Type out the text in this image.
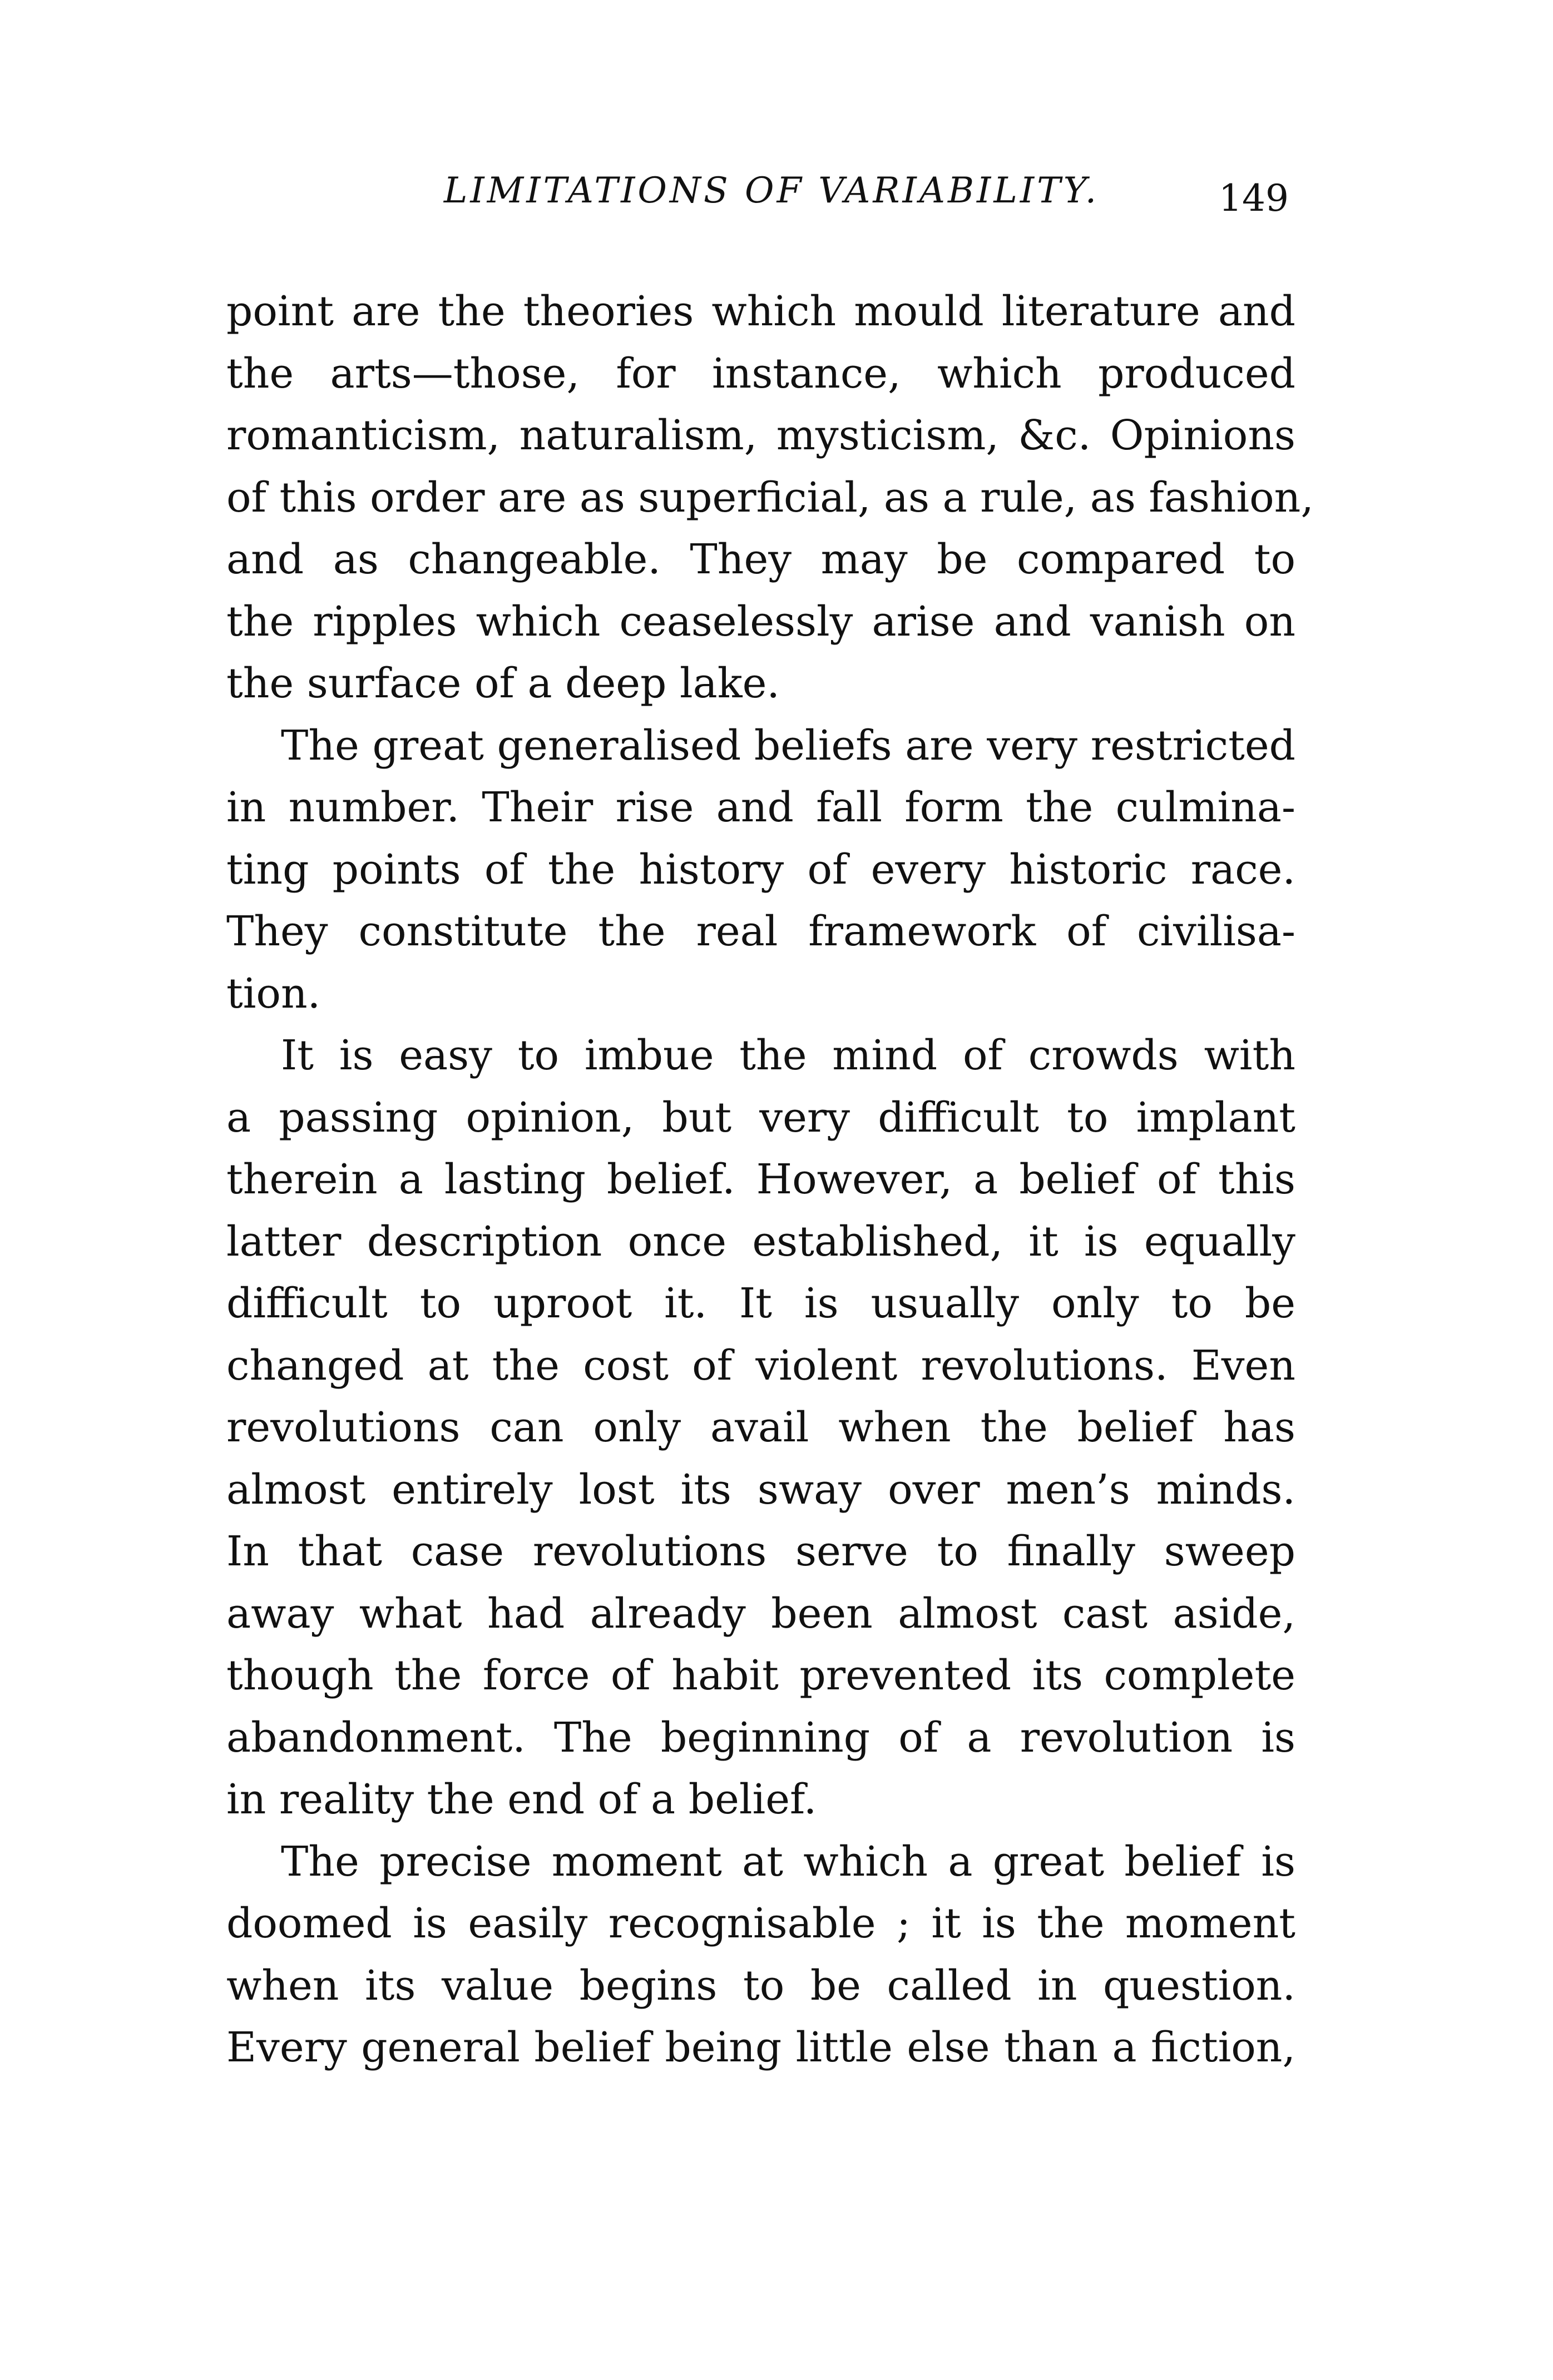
LIMITATIONS OF VARIABILITY.	149
point are the theories which mould literature and
the arts—those, for instance, which produced
romanticism, naturalism, mysticism, &c. Opinions
of this order are as superficial, as a rule, as fashion,
and as changeable. They may be compared to
the ripples which ceaselessly arise and vanish on
the surface of a deep lake.
The great generalised beliefs are very restricted
in number. Their rise and fall form the culmina-
ting points of the history of every historic race.
They constitute the real framework of civilisa-
tion.
It is easy to imbue the mind of crowds with
a passing opinion, but very difficult to implant
therein a lasting belief. However, a belief of this
latter description once established, it is equally
difficult to uproot it. It is usually only to be
changed at the cost of violent revolutions. Even
revolutions can only avail when the belief has
almost entirely lost its sway over men’s minds.
In that case revolutions serve to finally sweep
away what had already been almost cast aside,
though the force of habit prevented its complete
abandonment. The beginning of a revolution is
in reality the end of a belief.
The precise moment at which a great belief is
doomed is easily recognisable ; it is the moment
when its value begins to be called in question.
Every general belief being little else than a fiction,
